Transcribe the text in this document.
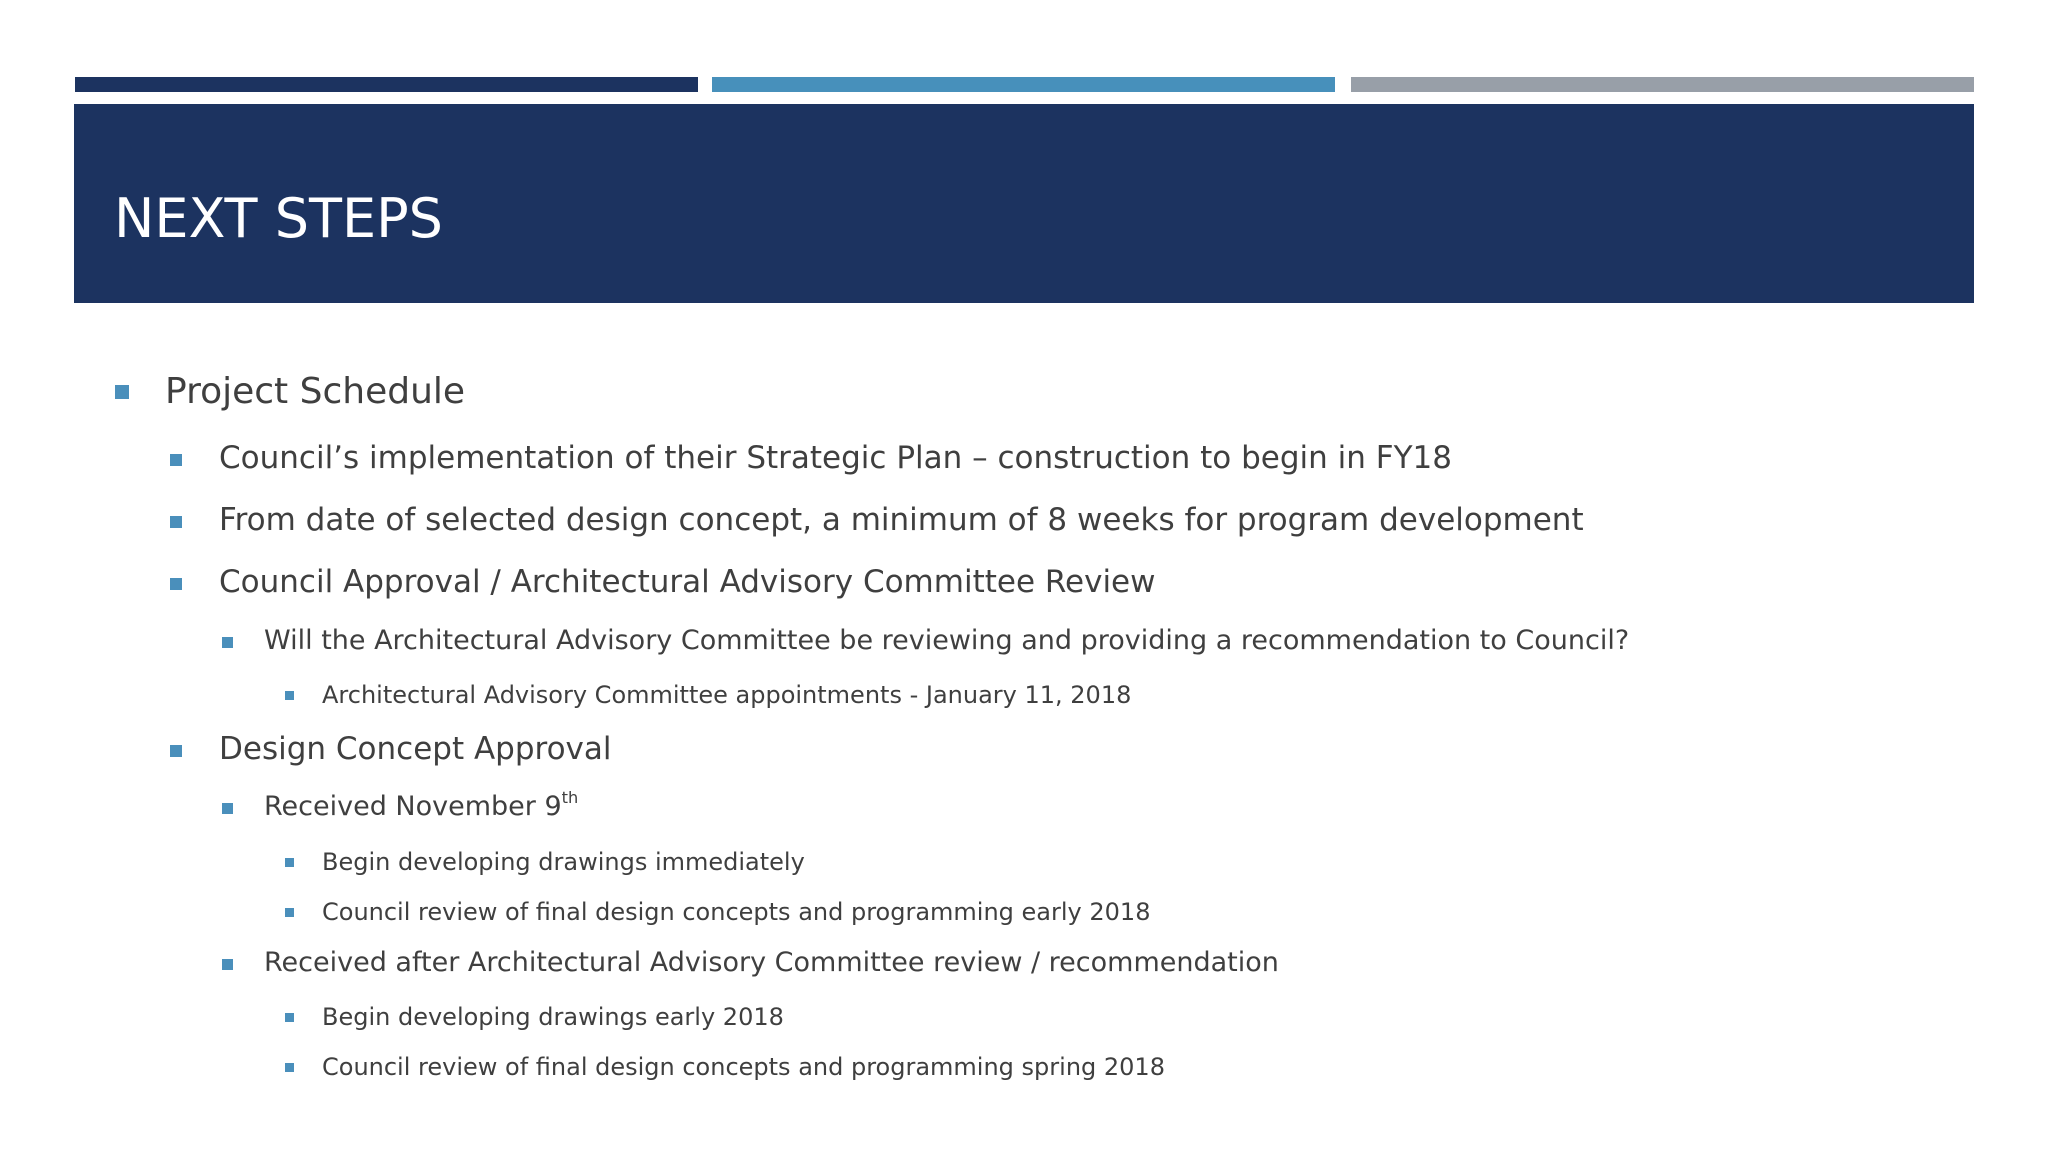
NEXT STEPS
Project Schedule
Council’s implementation of their Strategic Plan – construction to begin in FY18
From date of selected design concept, a minimum of 8 weeks for program development
Council Approval / Architectural Advisory Committee Review
Will the Architectural Advisory Committee be reviewing and providing a recommendation to Council?
Architectural Advisory Committee appointments - January 11, 2018
Design Concept Approval
Received November 9th
Begin developing drawings immediately
Council review of final design concepts and programming early 2018
Received after Architectural Advisory Committee review / recommendation
Begin developing drawings early 2018
Council review of final design concepts and programming spring 2018
